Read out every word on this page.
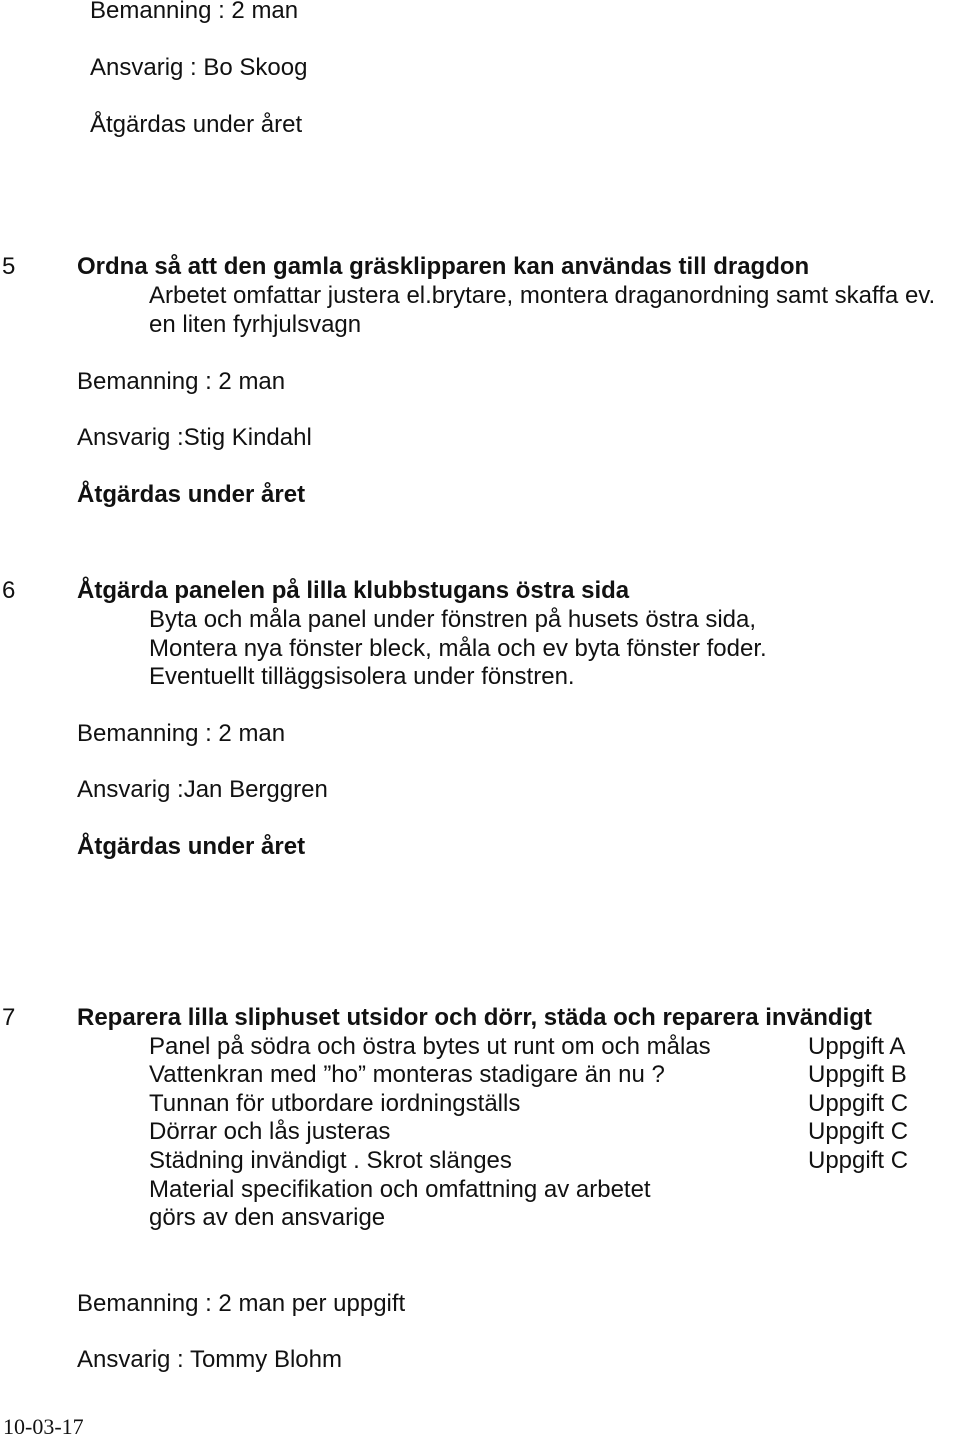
Bemanning : 2 man
Ansvarig : Bo Skoog
Åtgärdas under året
5	Ordna så att den gamla gräsklipparen kan användas till dragdon
Arbetet omfattar justera el.brytare, montera draganordning samt skaffa ev.
en liten fyrhjulsvagn
Bemanning : 2 man
Ansvarig :Stig Kindahl
Åtgärdas under året
6	Åtgärda panelen på lilla klubbstugans östra sida
Byta och måla panel under fönstren på husets östra sida,
Montera nya fönster bleck, måla och ev byta fönster foder.
Eventuellt tilläggsisolera under fönstren.
Bemanning : 2 man
Ansvarig :Jan Berggren
Åtgärdas under året
7	Reparera lilla sliphuset utsidor och dörr, städa och reparera invändigt
Panel på södra och östra bytes ut runt om och målas	Uppgift A
Vattenkran med ”ho” monteras stadigare än nu ?	Uppgift B
Tunnan för utbordare iordningställs	Uppgift C
Dörrar och lås justeras	Uppgift C
Städning invändigt . Skrot slänges	Uppgift C
Material specifikation och omfattning av arbetet
görs av den ansvarige
Bemanning : 2 man per uppgift
Ansvarig : Tommy Blohm
10-03-17
